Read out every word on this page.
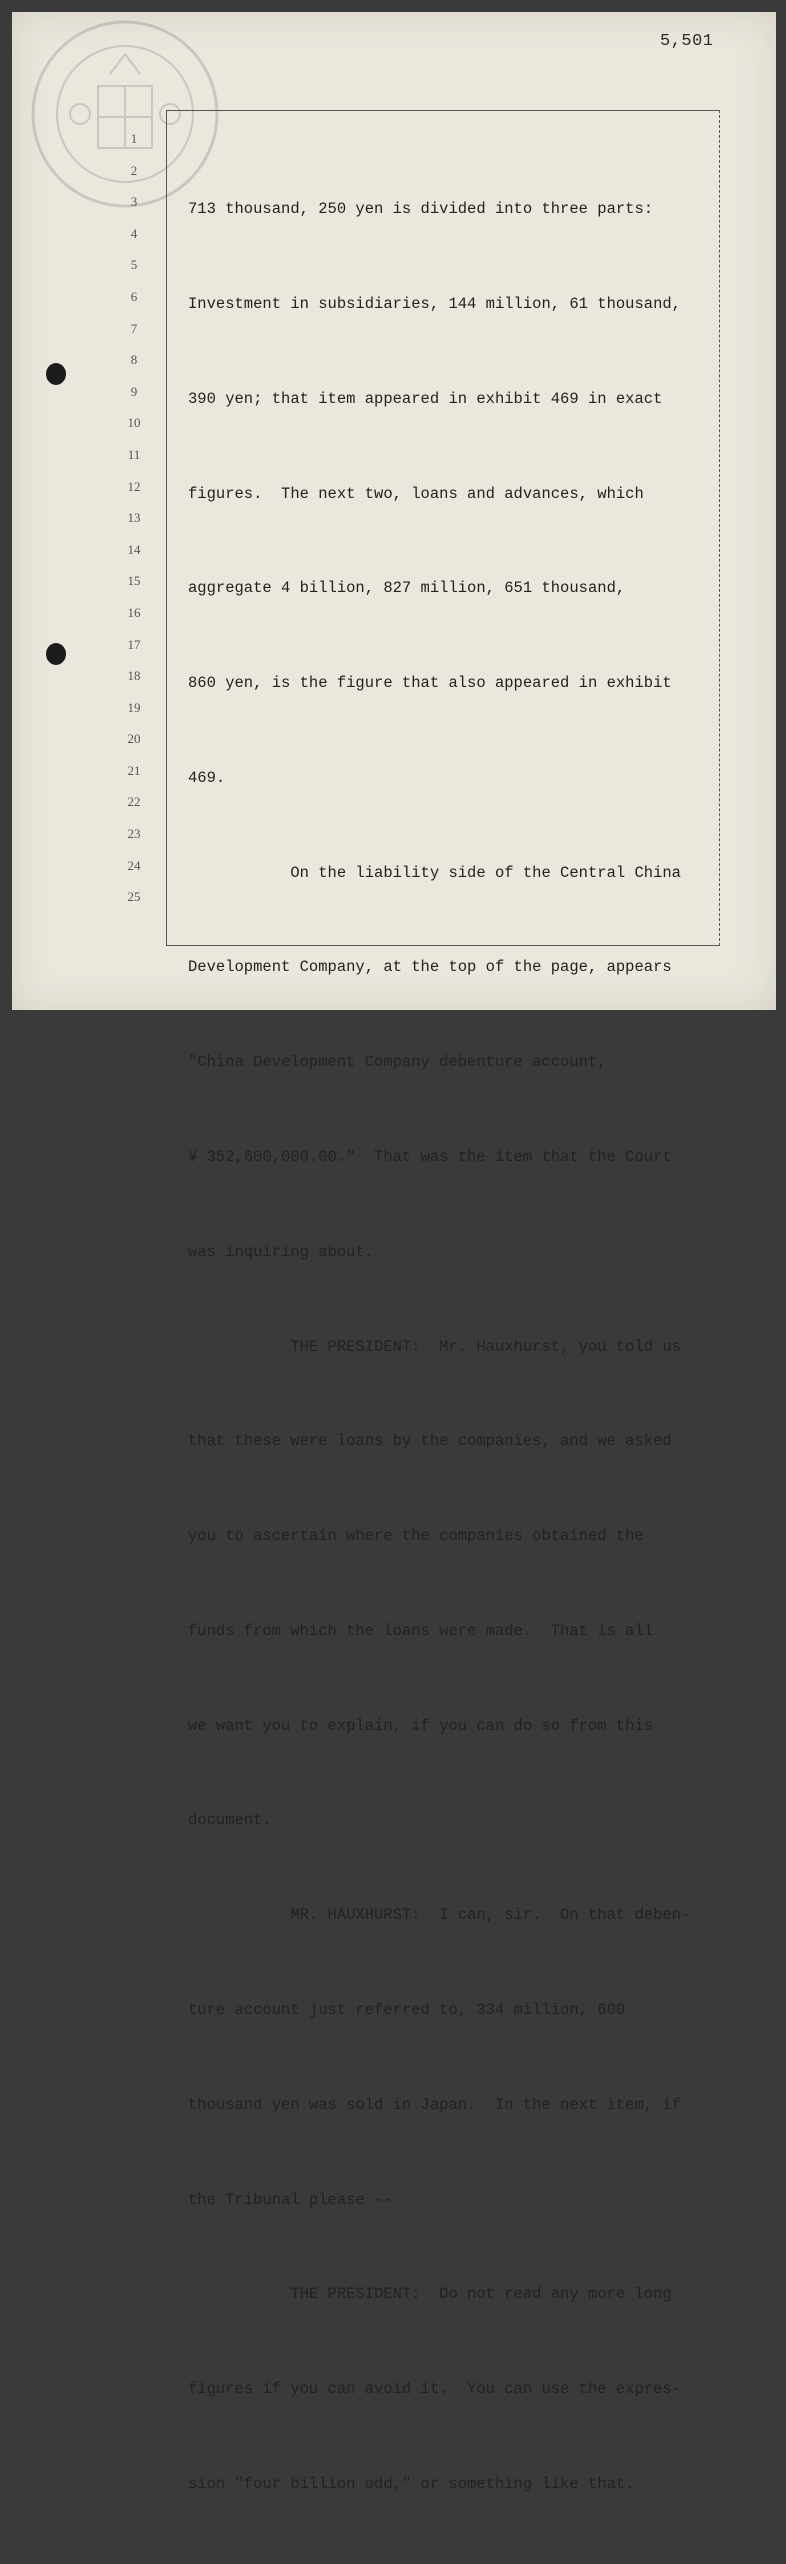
5,501
1
2
3
4
5
6
7
8
9
10
11
12
13
14
15
16
17
18
19
20
21
22
23
24
25

713 thousand, 250 yen is divided into three parts:

Investment in subsidiaries, 144 million, 61 thousand,

390 yen; that item appeared in exhibit 469 in exact

figures.  The next two, loans and advances, which

aggregate 4 billion, 827 million, 651 thousand,

860 yen, is the figure that also appeared in exhibit

469.

On the liability side of the Central China

Development Company, at the top of the page, appears

"China Development Company debenture account,

¥ 352,600,000.00."  That was the item that the Court

was inquiring about.

THE PRESIDENT:  Mr. Hauxhurst, you told us

that these were loans by the companies, and we asked

you to ascertain where the companies obtained the

funds from which the loans were made.  That is all

we want you to explain, if you can do so from this

document.

MR. HAUXHURST:  I can, sir.  On that deben-

ture account just referred to, 334 million, 600

thousand yen was sold in Japan.  In the next item, if

the Tribunal please --

THE PRESIDENT:  Do not read any more long

figures if you can avoid it.  You can use the expres-

sion "four billion odd," or something like that.
